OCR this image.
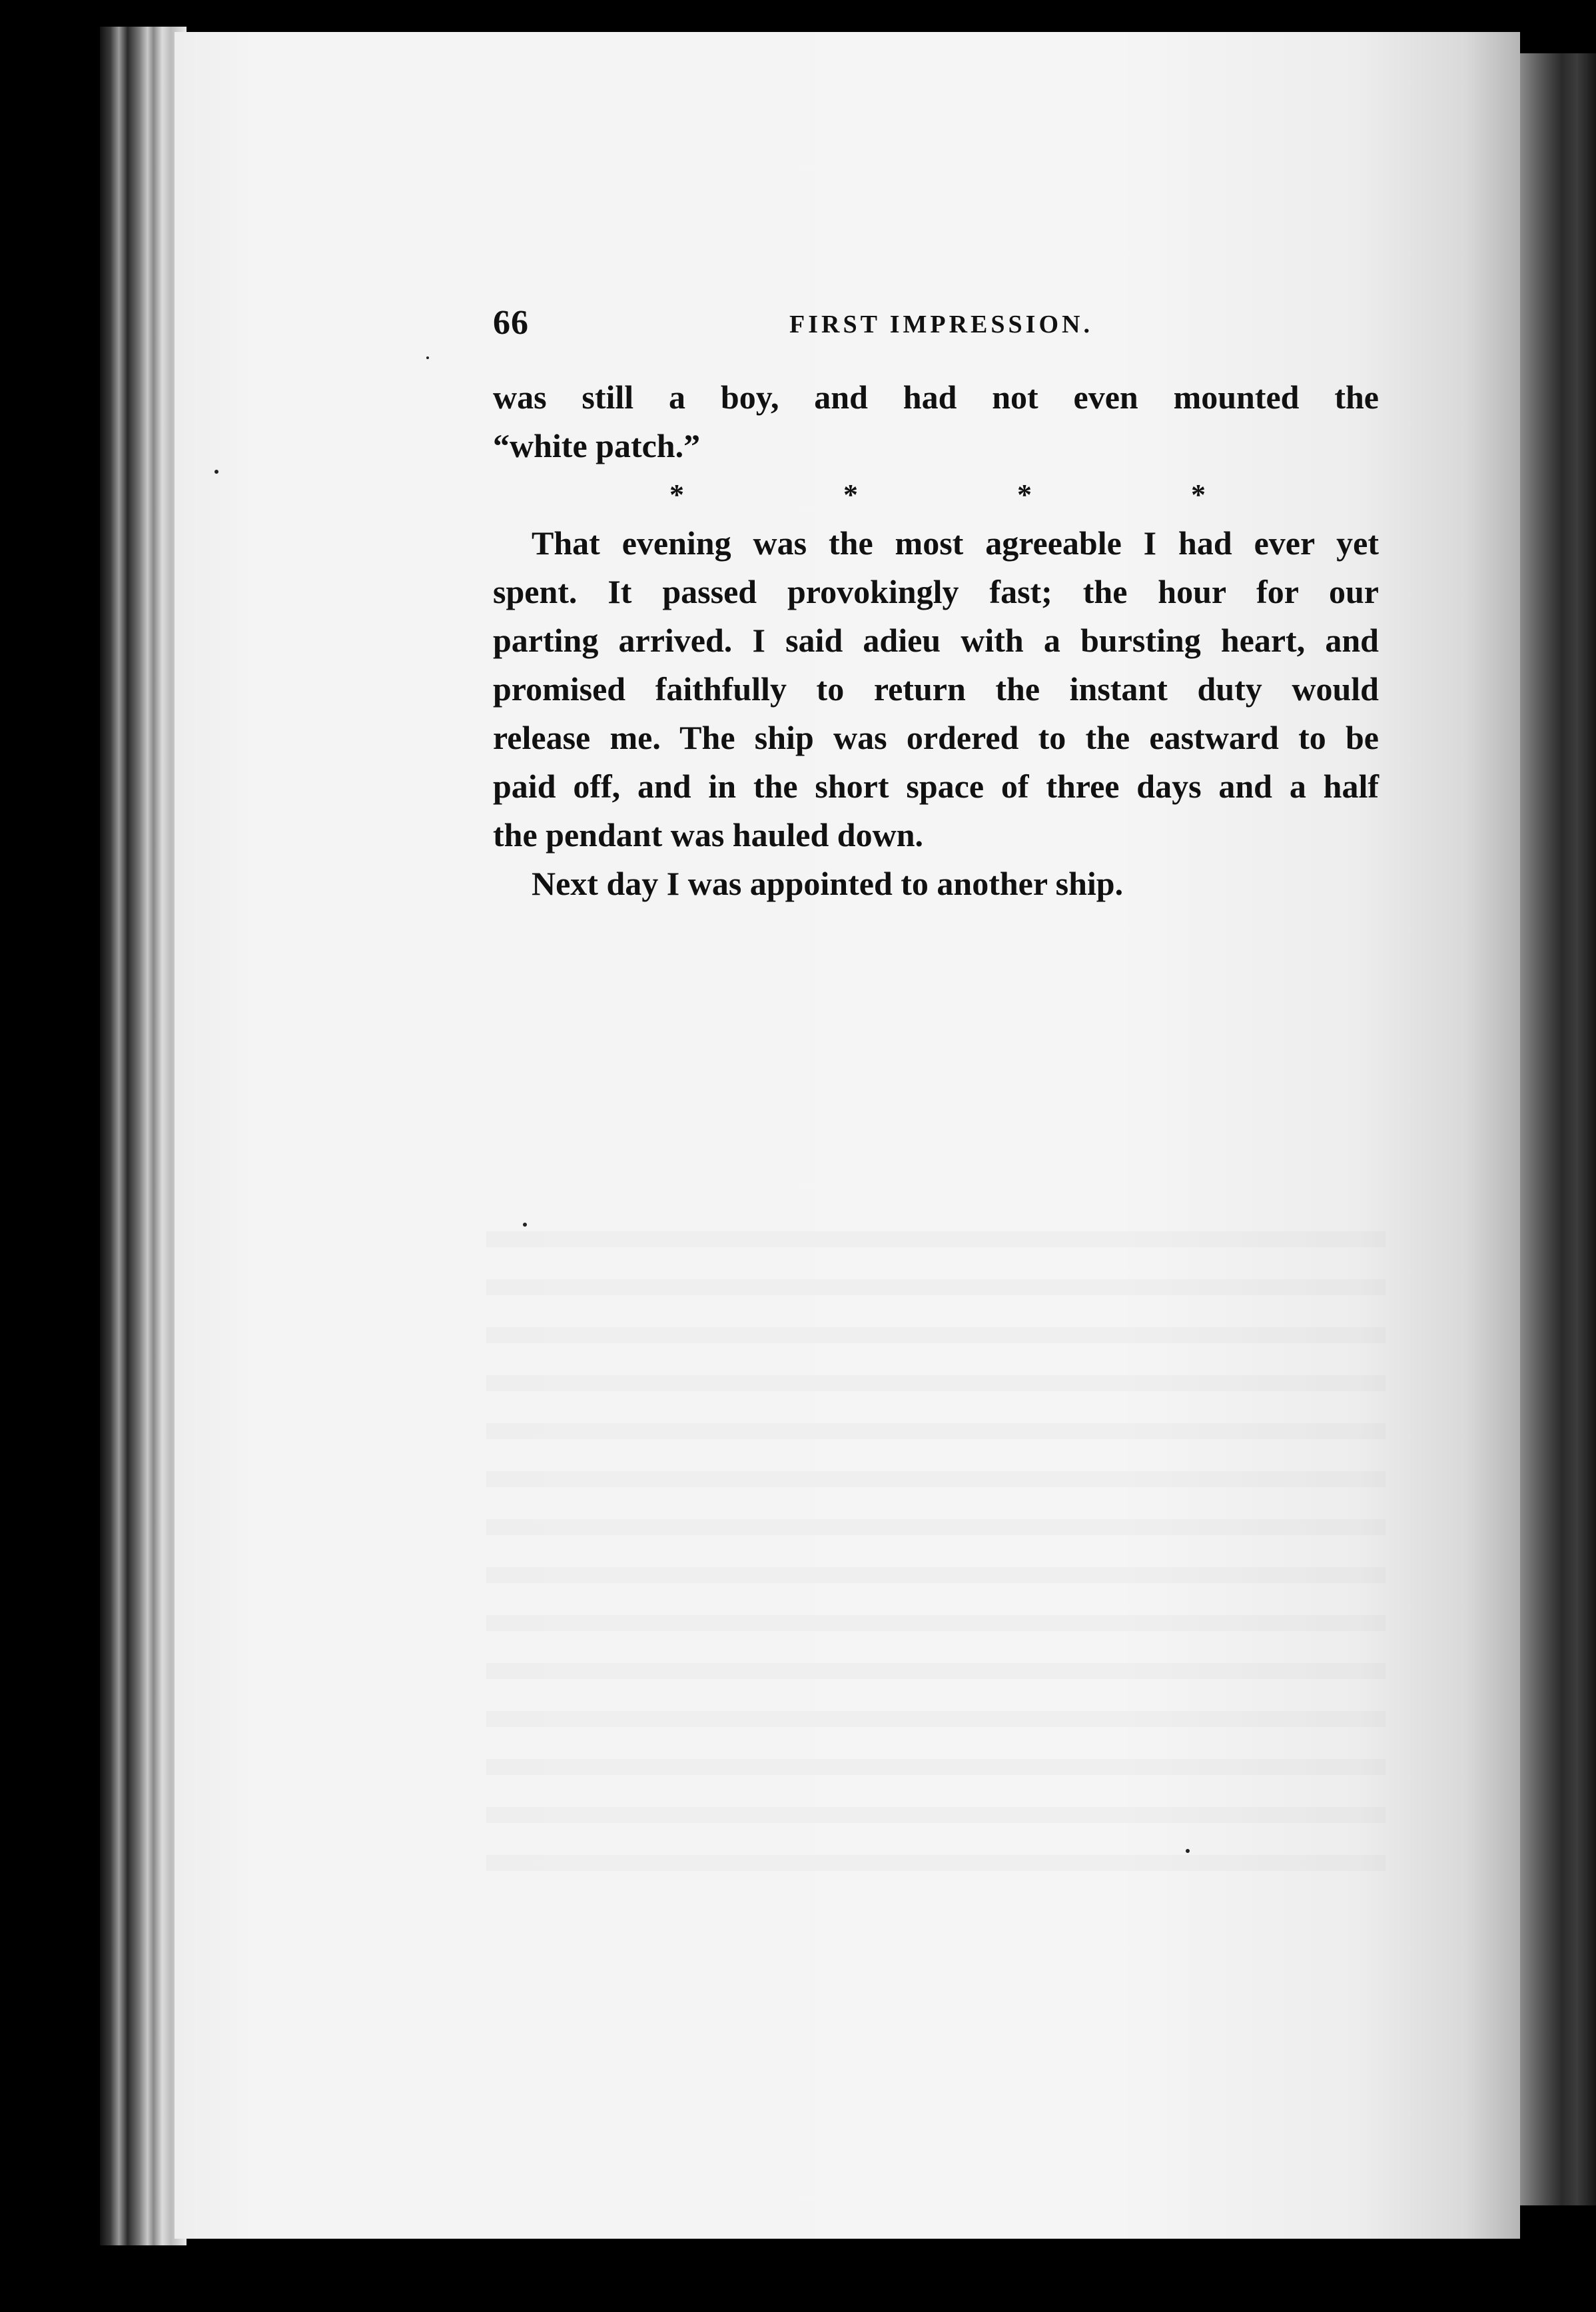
66	FIRST IMPRESSION.
was still a boy, and had not even mounted the
“white patch.”
*	*	*	*
That evening was the most agreeable I had ever yet
spent. It passed provokingly fast; the hour for our
parting arrived. I said adieu with a bursting heart, and
promised faithfully to return the instant duty would
release me. The ship was ordered to the eastward to be
paid off, and in the short space of three days and a half
the pendant was hauled down.
Next day I was appointed to another ship.
